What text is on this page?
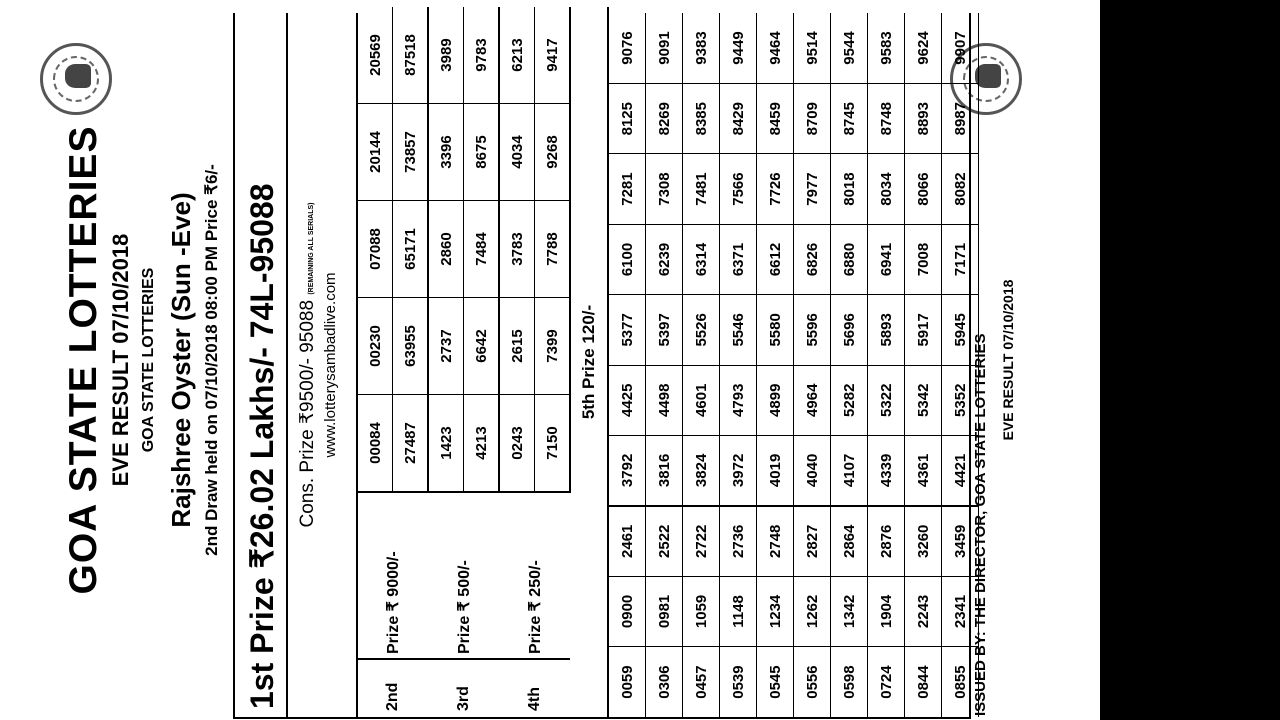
GOA STATE LOTTERIES EVE RESULT 07/10/2018 GOA STATE LOTTERIES Rajshree Oyster (Sun -Eve) 2nd Draw held on 07/10/2018 08:00 PM Price ₹6/- 1st Prize ₹26.02 Lakhs/- 74L-95088 Cons. Prize ₹9500/- 95088 (REMAINING ALL SERIALS)
www.lotterysambadlive.com
2nd	Prize ₹ 9000/-	00084	00230	07088	20144	20569
		27487	63955	65171	73857	87518
3rd	Prize ₹ 500/-	1423	2737	2860	3396	3989
		4213	6642	7484	8675	9783
4th	Prize ₹ 250/-	0243	2615	3783	4034	6213
		7150	7399	7788	9268	9417
5th Prize 120/-						
0059	0900	2461	3792	4425	5377	6100	7281	8125	9076
0306	0981	2522	3816	4498	5397	6239	7308	8269	9091
0457	1059	2722	3824	4601	5526	6314	7481	8385	9383
0539	1148	2736	3972	4793	5546	6371	7566	8429	9449
0545	1234	2748	4019	4899	5580	6612	7726	8459	9464
0556	1262	2827	4040	4964	5596	6826	7977	8709	9514
0598	1342	2864	4107	5282	5696	6880	8018	8745	9544
0724	1904	2876	4339	5322	5893	6941	8034	8748	9583
0844	2243	3260	4361	5342	5917	7008	8066	8893	9624
0855	2341	3459	4421	5352	5945	7171	8082	8987	9907
ISSUED BY: THE DIRECTOR, GOA STATE LOTTERIES EVE RESULT 07/10/2018
